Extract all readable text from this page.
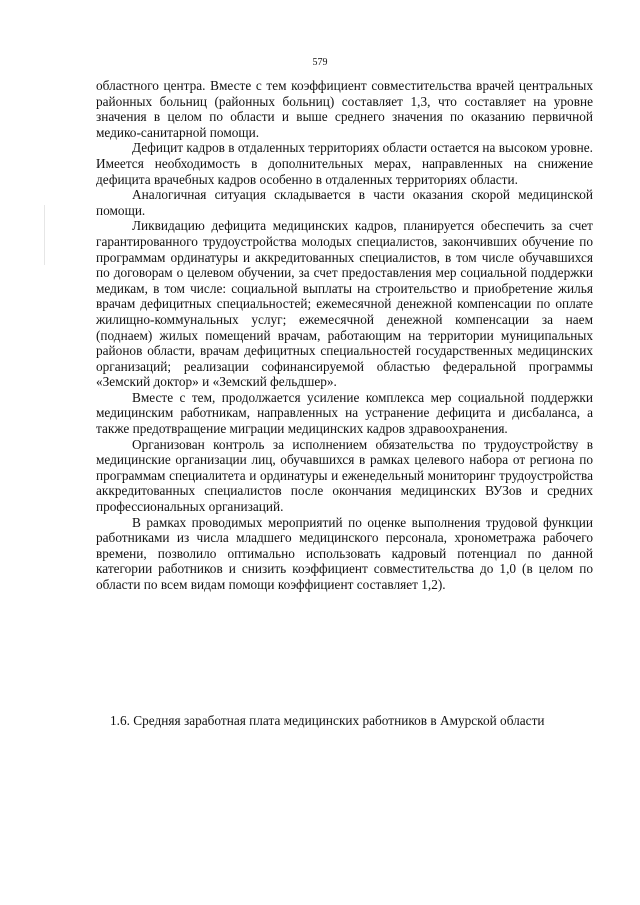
579

областного центра. Вместе с тем коэффициент совместительства врачей центральных районных больниц (районных больниц) составляет 1,3, что составляет на уровне значения в целом по области и выше среднего значения по оказанию первичной медико-санитарной помощи.

Дефицит кадров в отдаленных территориях области остается на высоком уровне. Имеется необходимость в дополнительных мерах, направленных на снижение дефицита врачебных кадров особенно в отдаленных территориях области.

Аналогичная ситуация складывается в части оказания скорой медицинской помощи.

Ликвидацию дефицита медицинских кадров, планируется обеспечить за счет гарантированного трудоустройства молодых специалистов, закончивших обучение по программам ординатуры и аккредитованных специалистов, в том числе обучавшихся по договорам о целевом обучении, за счет предоставления мер социальной поддержки медикам, в том числе: социальной выплаты на строительство и приобретение жилья врачам дефицитных специальностей; ежемесячной денежной компенсации по оплате жилищно-коммунальных услуг; ежемесячной денежной компенсации за наем (поднаем) жилых помещений врачам, работающим на территории муниципальных районов области, врачам дефицитных специальностей государственных медицинских организаций; реализации софинансируемой областью федеральной программы «Земский доктор» и «Земский фельдшер».

Вместе с тем, продолжается усиление комплекса мер социальной поддержки медицинским работникам, направленных на устранение дефицита и дисбаланса, а также предотвращение миграции медицинских кадров здравоохранения.

Организован контроль за исполнением обязательства по трудоустройству в медицинские организации лиц, обучавшихся в рамках целевого набора от региона по программам специалитета и ординатуры и еженедельный мониторинг трудоустройства аккредитованных специалистов после окончания медицинских ВУЗов и средних профессиональных организаций.

В рамках проводимых мероприятий по оценке выполнения трудовой функции работниками из числа младшего медицинского персонала, хронометража рабочего времени, позволило оптимально использовать кадровый потенциал по данной категории работников и снизить коэффициент совместительства до 1,0 (в целом по области по всем видам помощи коэффициент составляет 1,2).

1.6. Средняя заработная плата медицинских работников в Амурской области
